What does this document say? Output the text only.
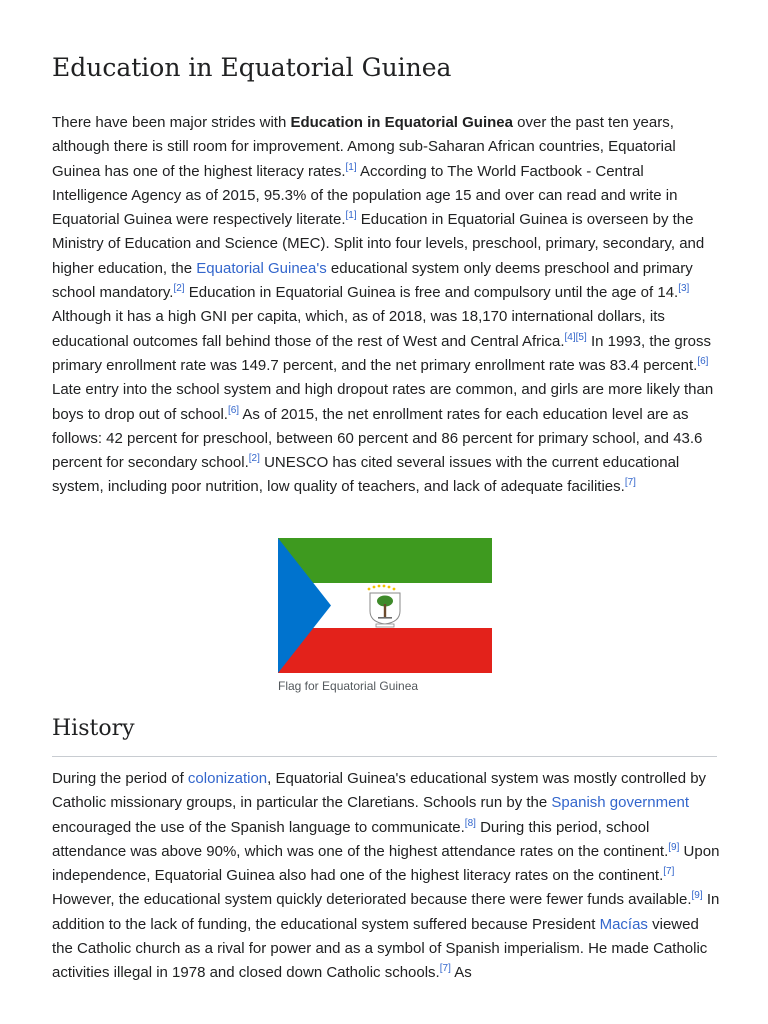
Education in Equatorial Guinea

There have been major strides with Education in Equatorial Guinea over the past ten years, although there is still room for improvement. Among sub-Saharan African countries, Equatorial Guinea has one of the highest literacy rates.[1] According to The World Factbook - Central Intelligence Agency as of 2015, 95.3% of the population age 15 and over can read and write in Equatorial Guinea were respectively literate.[1] Education in Equatorial Guinea is overseen by the Ministry of Education and Science (MEC). Split into four levels, preschool, primary, secondary, and higher education, the Equatorial Guinea's educational system only deems preschool and primary school mandatory.[2] Education in Equatorial Guinea is free and compulsory until the age of 14.[3] Although it has a high GNI per capita, which, as of 2018, was 18,170 international dollars, its educational outcomes fall behind those of the rest of West and Central Africa.[4][5] In 1993, the gross primary enrollment rate was 149.7 percent, and the net primary enrollment rate was 83.4 percent.[6] Late entry into the school system and high dropout rates are common, and girls are more likely than boys to drop out of school.[6] As of 2015, the net enrollment rates for each education level are as follows: 42 percent for preschool, between 60 percent and 86 percent for primary school, and 43.6 percent for secondary school.[2] UNESCO has cited several issues with the current educational system, including poor nutrition, low quality of teachers, and lack of adequate facilities.[7]

Flag for Equatorial Guinea
History

During the period of colonization, Equatorial Guinea's educational system was mostly controlled by Catholic missionary groups, in particular the Claretians. Schools run by the Spanish government encouraged the use of the Spanish language to communicate.[8] During this period, school attendance was above 90%, which was one of the highest attendance rates on the continent.[9] Upon independence, Equatorial Guinea also had one of the highest literacy rates on the continent.[7] However, the educational system quickly deteriorated because there were fewer funds available.[9] In addition to the lack of funding, the educational system suffered because President Macías viewed the Catholic church as a rival for power and as a symbol of Spanish imperialism. He made Catholic activities illegal in 1978 and closed down Catholic schools.[7] As
